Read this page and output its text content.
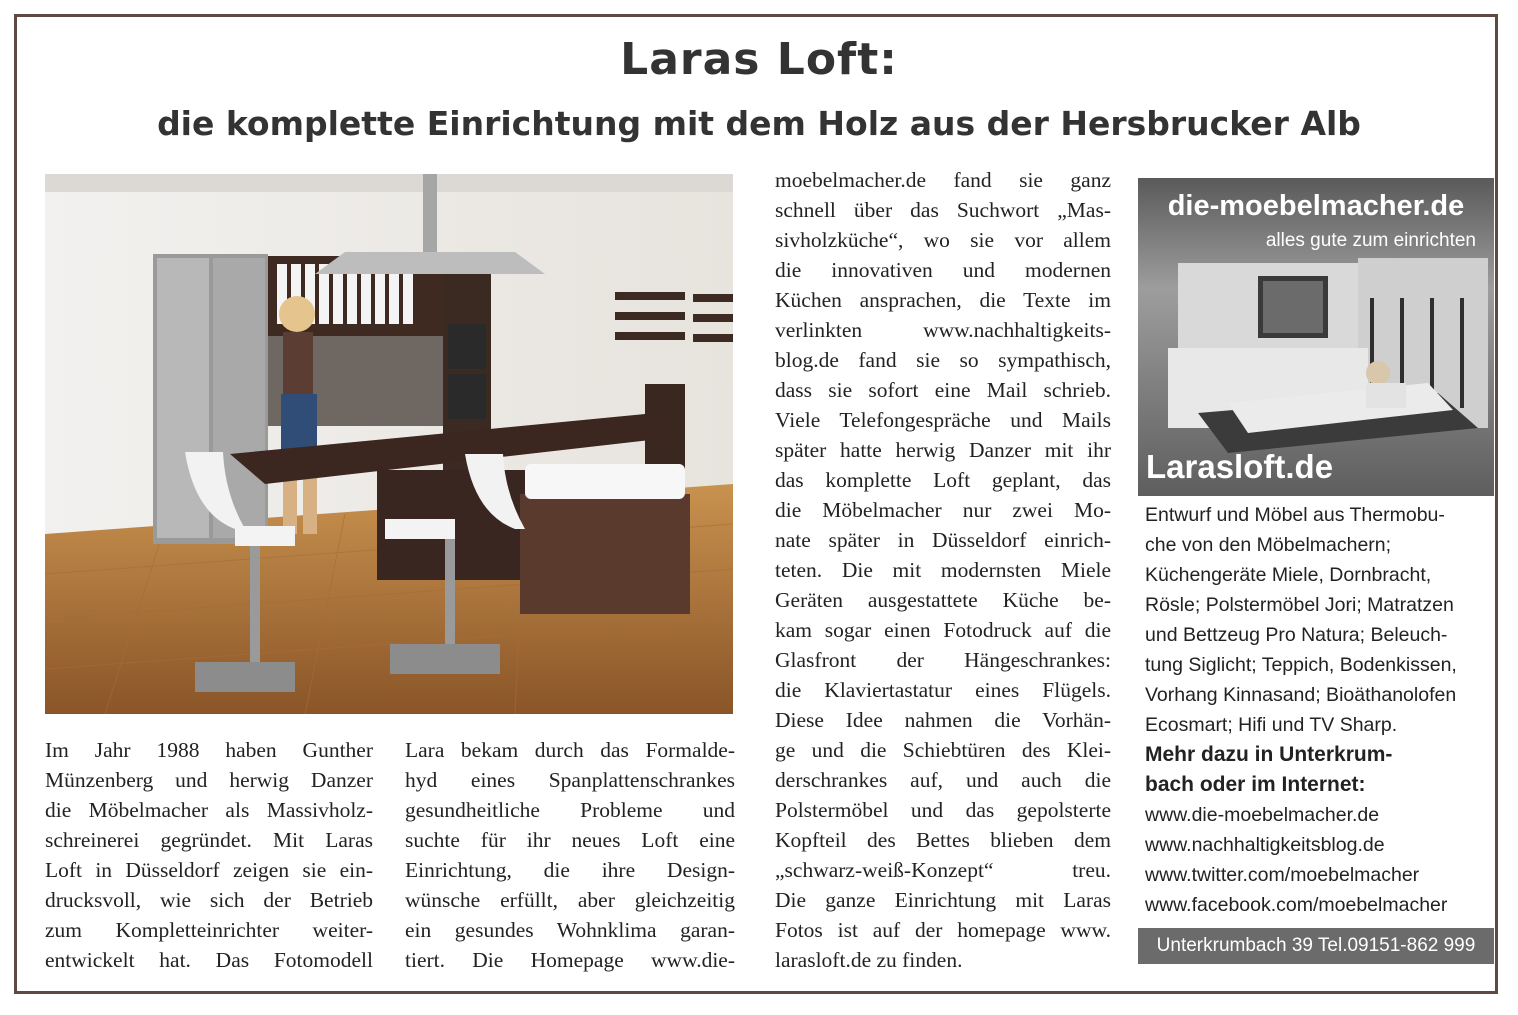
Laras Loft:
die komplette Einrichtung mit dem Holz aus der Hersbrucker Alb
Im Jahr 1988 haben Gunther
Münzenberg und herwig Danzer
die Möbelmacher als Massivholz-
schreinerei gegründet. Mit Laras
Loft in Düsseldorf zeigen sie ein-
drucksvoll, wie sich der Betrieb
zum Kompletteinrichter weiter-
entwickelt hat. Das Fotomodell
Lara bekam durch das Formalde-
hyd eines Spanplattenschrankes
gesundheitliche Probleme und
suchte für ihr neues Loft eine
Einrichtung, die ihre Design-
wünsche erfüllt, aber gleichzeitig
ein gesundes Wohnklima garan-
tiert. Die Homepage www.die-
moebelmacher.de fand sie ganz
schnell über das Suchwort „Mas-
sivholzküche“, wo sie vor allem
die innovativen und modernen
Küchen ansprachen, die Texte im
verlinkten www.nachhaltigkeits-
blog.de fand sie so sympathisch,
dass sie sofort eine Mail schrieb.
Viele Telefongespräche und Mails
später hatte herwig Danzer mit ihr
das komplette Loft geplant, das
die Möbelmacher nur zwei Mo-
nate später in Düsseldorf einrich-
teten. Die mit modernsten Miele
Geräten ausgestattete Küche be-
kam sogar einen Fotodruck auf die
Glasfront der Hängeschrankes:
die Klaviertastatur eines Flügels.
Diese Idee nahmen die Vorhän-
ge und die Schiebtüren des Klei-
derschrankes auf, und auch die
Polstermöbel und das gepolsterte
Kopfteil des Bettes blieben dem
„schwarz-weiß-Konzept“ treu.
Die ganze Einrichtung mit Laras
Fotos ist auf der homepage www.
larasloft.de zu finden.
die-moebelmacher.de
alles gute zum einrichten
Larasloft.de
Entwurf und Möbel aus Thermobu-
che von den Möbelmachern;
Küchengeräte Miele, Dornbracht,
Rösle; Polstermöbel Jori; Matratzen
und Bettzeug Pro Natura; Beleuch-
tung Siglicht; Teppich, Bodenkissen,
Vorhang Kinnasand; Bioäthanolofen
Ecosmart; Hifi und TV Sharp.
Mehr dazu in Unterkrum-
bach oder im Internet:
www.die-moebelmacher.de
www.nachhaltigkeitsblog.de
www.twitter.com/moebelmacher
www.facebook.com/moebelmacher
Unterkrumbach 39 Tel.09151-862 999
